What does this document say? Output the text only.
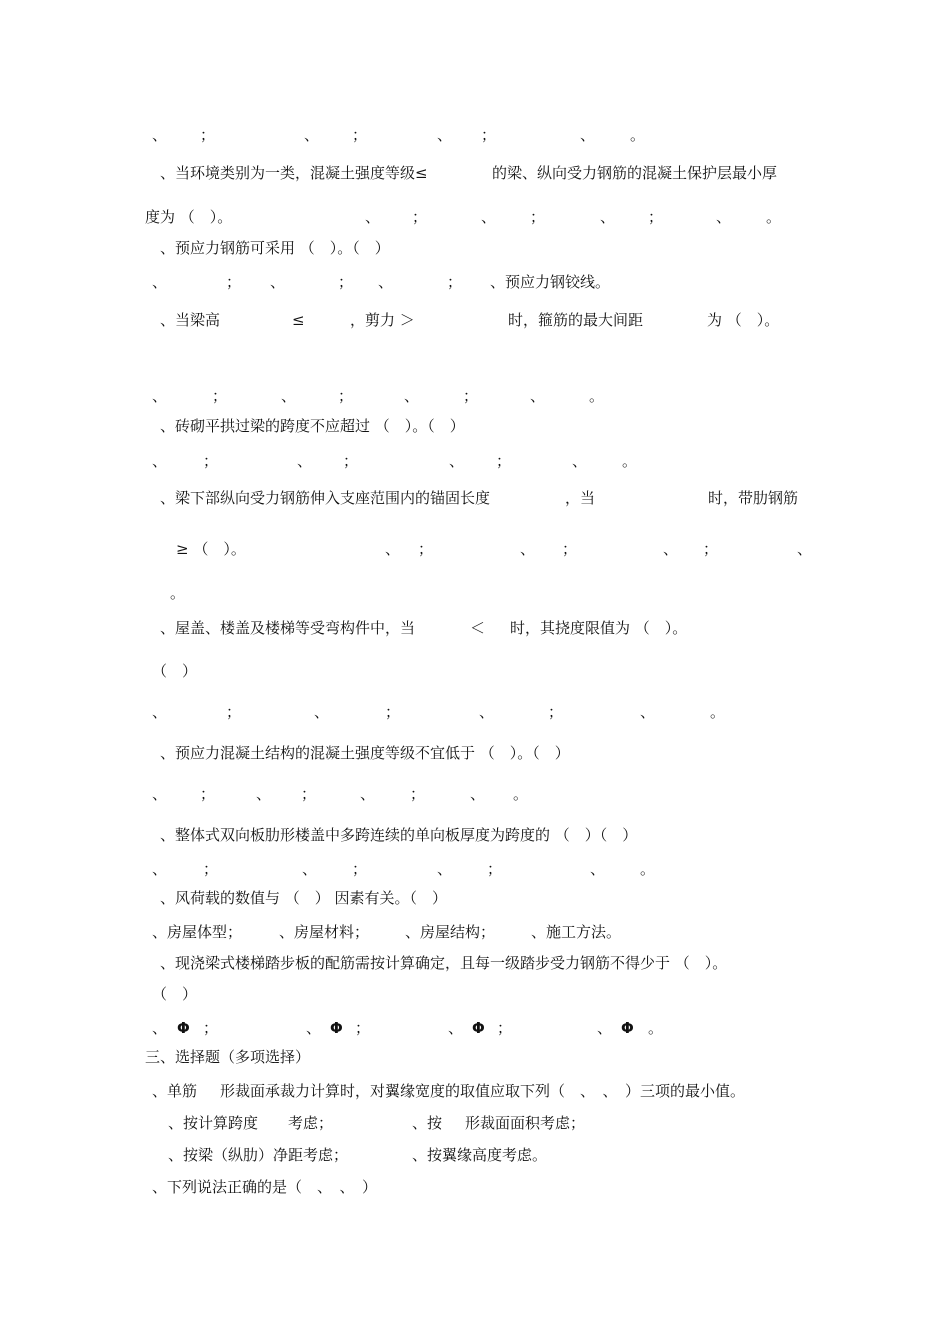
、 ；	、 ；	、 ；	、 。
、当环境类别为一类，混凝土强度等级≤	的梁、纵向受力钢筋的混凝土保护层最小厚
度为 （　）。	、 ；	、 ；	、 ；	、 。
、预应力钢筋可采用 （　）。（　）
、	； 、	； 、	； 、预应力钢铰线。
、当梁高	≤	，剪力 ＞	时，箍筋的最大间距	为 （　）。
、	；	、	；	、	；	、	。
、砖砌平拱过梁的跨度不应超过 （　）。（　）
、 ；	、 ；	、 ；	、 。
、梁下部纵向受力钢筋伸入支座范围内的锚固长度	，当	时，带肋钢筋
≥ （　）。	、 ；	、 ；	、 ；	、
。
、屋盖、楼盖及楼梯等受弯构件中，当	＜ 时，其挠度限值为 （　）。
（　）
、	；	、	；	、	；	、	。
、预应力混凝土结构的混凝土强度等级不宜低于 （　）。（　）
、 ；	、 ；	、 ；	、 。
、整体式双向板肋形楼盖中多跨连续的单向板厚度为跨度的 （　）（　）
、 ；	、 ；	、 ；	、 。
、风荷载的数值与 （　） 因素有关。（　）
、房屋体型； 、房屋材料； 、房屋结构； 、施工方法。
、现浇梁式楼梯踏步板的配筋需按计算确定，且每一级踏步受力钢筋不得少于 （　）。
（　）
、 Φ ；	、 Φ ；	、 Φ ；	、 Φ 。
三、选择题（多项选择）
、单筋 形裁面承裁力计算时，对翼缘宽度的取值应取下列（　、　、　）三项的最小值。
、按计算跨度 考虑；	、按 形裁面面积考虑；
、按梁（纵肋）净距考虑；	、按翼缘高度考虑。
、下列说法正确的是（　、　、　）
